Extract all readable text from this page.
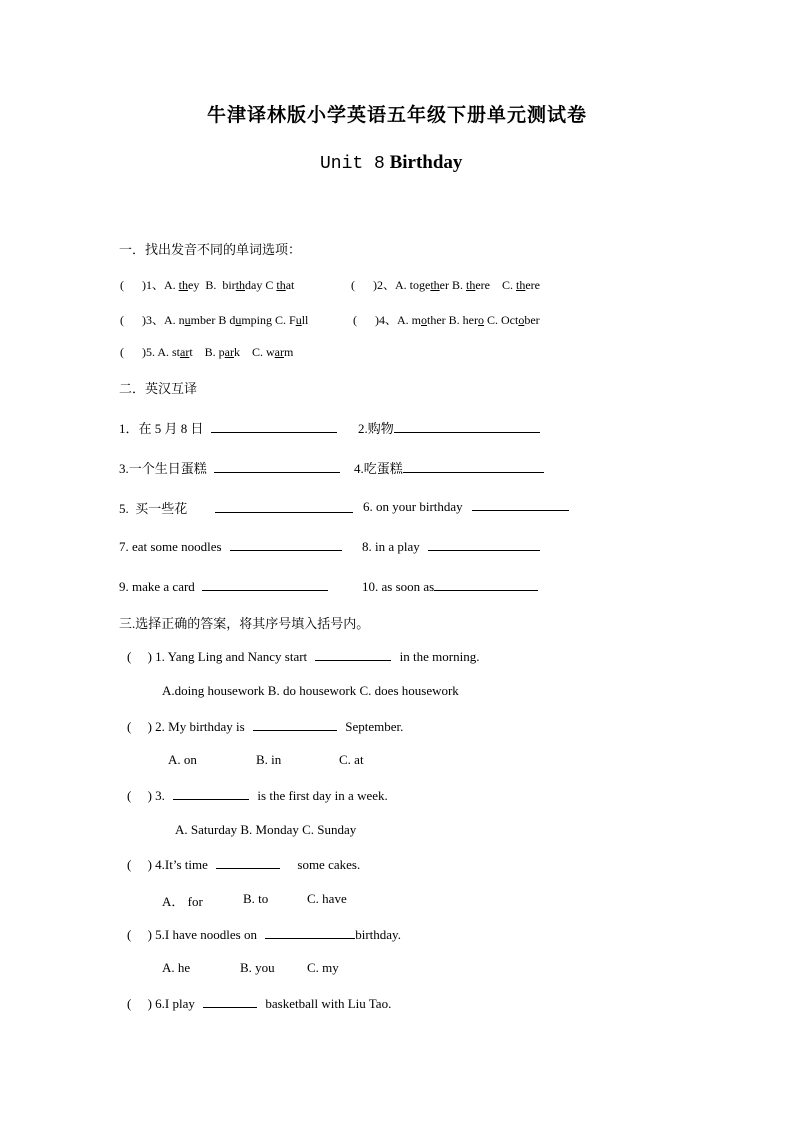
牛津译林版小学英语五年级下册单元测试卷
Unit 8 Birthday
一．找出发音不同的单词选项：
(      )1、A. they  B.  birthday C that	(      )2、A. together B. there    C. there
(      )3、A. number B dumping C. Full	(      )4、A. mother B. hero C. October
(      )5. A. start    B. park    C. warm
二．英汉互译
1．在 5 月 8 日	2.购物
3.一个生日蛋糕	4.吃蛋糕
5.  买一些花	6. on your birthday
7. eat some noodles	8. in a play
9. make a card	10. as soon as
三.选择正确的答案，将其序号填入括号内。
(     ) 1. Yang Ling and Nancy start	in the morning.
A.doing housework B. do housework C. does housework
(     ) 2. My birthday is	September.
A. on	B. in	C. at
(     ) 3.	is the first day in a week.
A. Saturday B. Monday C. Sunday
(     ) 4.It’s time	some cakes.
A． for	B. to	C. have
(     ) 5.I have noodles on	birthday.
A. he	B. you C. my
(     ) 6.I play	basketball with Liu Tao.
